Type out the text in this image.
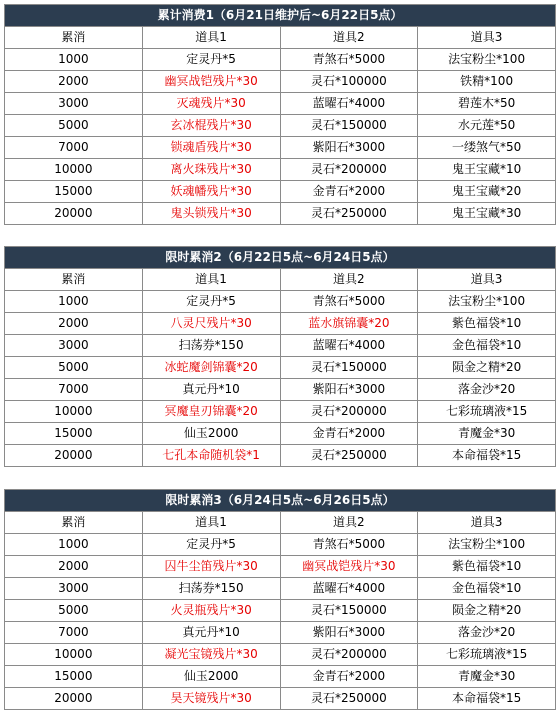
累计消费1（6月21日维护后~6月22日5点）			
累消	道具1	道具2	道具3
1000	定灵丹*5	青煞石*5000	法宝粉尘*100
2000	幽冥战铠残片*30	灵石*100000	铁精*100
3000	灭魂残片*30	蓝曜石*4000	碧莲木*50
5000	玄冰棍残片*30	灵石*150000	水元莲*50
7000	锁魂盾残片*30	紫阳石*3000	一缕煞气*50
10000	离火珠残片*30	灵石*200000	鬼王宝藏*10
15000	妖魂幡残片*30	金青石*2000	鬼王宝藏*20
20000	鬼头锁残片*30	灵石*250000	鬼王宝藏*30
限时累消2（6月22日5点~6月24日5点）			
累消	道具1	道具2	道具3
1000	定灵丹*5	青煞石*5000	法宝粉尘*100
2000	八灵尺残片*30	蓝水旗锦囊*20	紫色福袋*10
3000	扫荡券*150	蓝曜石*4000	金色福袋*10
5000	冰蛇魔剑锦囊*20	灵石*150000	陨金之精*20
7000	真元丹*10	紫阳石*3000	落金沙*20
10000	冥魔皇刃锦囊*20	灵石*200000	七彩琉璃液*15
15000	仙玉2000	金青石*2000	青魔金*30
20000	七孔本命随机袋*1	灵石*250000	本命福袋*15
限时累消3（6月24日5点~6月26日5点）			
累消	道具1	道具2	道具3
1000	定灵丹*5	青煞石*5000	法宝粉尘*100
2000	囚牛尘笛残片*30	幽冥战铠残片*30	紫色福袋*10
3000	扫荡券*150	蓝曜石*4000	金色福袋*10
5000	火灵瓶残片*30	灵石*150000	陨金之精*20
7000	真元丹*10	紫阳石*3000	落金沙*20
10000	凝光宝镜残片*30	灵石*200000	七彩琉璃液*15
15000	仙玉2000	金青石*2000	青魔金*30
20000	昊天镜残片*30	灵石*250000	本命福袋*15
